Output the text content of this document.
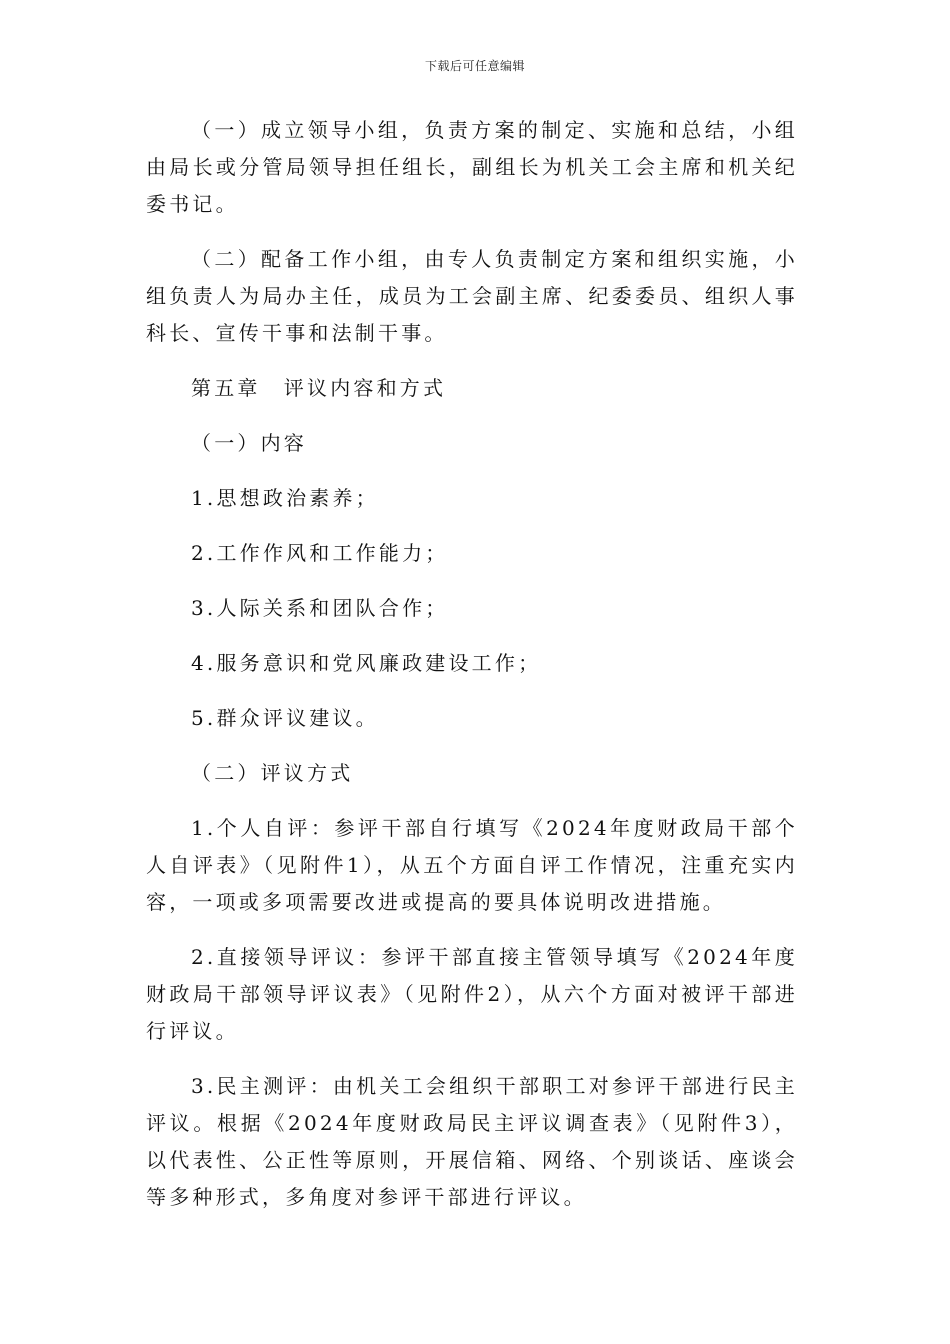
下载后可任意编辑

（一）成立领导小组，负责方案的制定、实施和总结，小组由局长或分管局领导担任组长，副组长为机关工会主席和机关纪委书记。

（二）配备工作小组，由专人负责制定方案和组织实施，小组负责人为局办主任，成员为工会副主席、纪委委员、组织人事科长、宣传干事和法制干事。

第五章　评议内容和方式

（一）内容

1.思想政治素养；

2.工作作风和工作能力；

3.人际关系和团队合作；

4.服务意识和党风廉政建设工作；

5.群众评议建议。

（二）评议方式

1.个人自评：参评干部自行填写《2024年度财政局干部个人自评表》（见附件1），从五个方面自评工作情况，注重充实内容，一项或多项需要改进或提高的要具体说明改进措施。

2.直接领导评议：参评干部直接主管领导填写《2024年度财政局干部领导评议表》（见附件2），从六个方面对被评干部进行评议。

3.民主测评：由机关工会组织干部职工对参评干部进行民主评议。根据《2024年度财政局民主评议调查表》（见附件3），以代表性、公正性等原则，开展信箱、网络、个别谈话、座谈会等多种形式，多角度对参评干部进行评议。
